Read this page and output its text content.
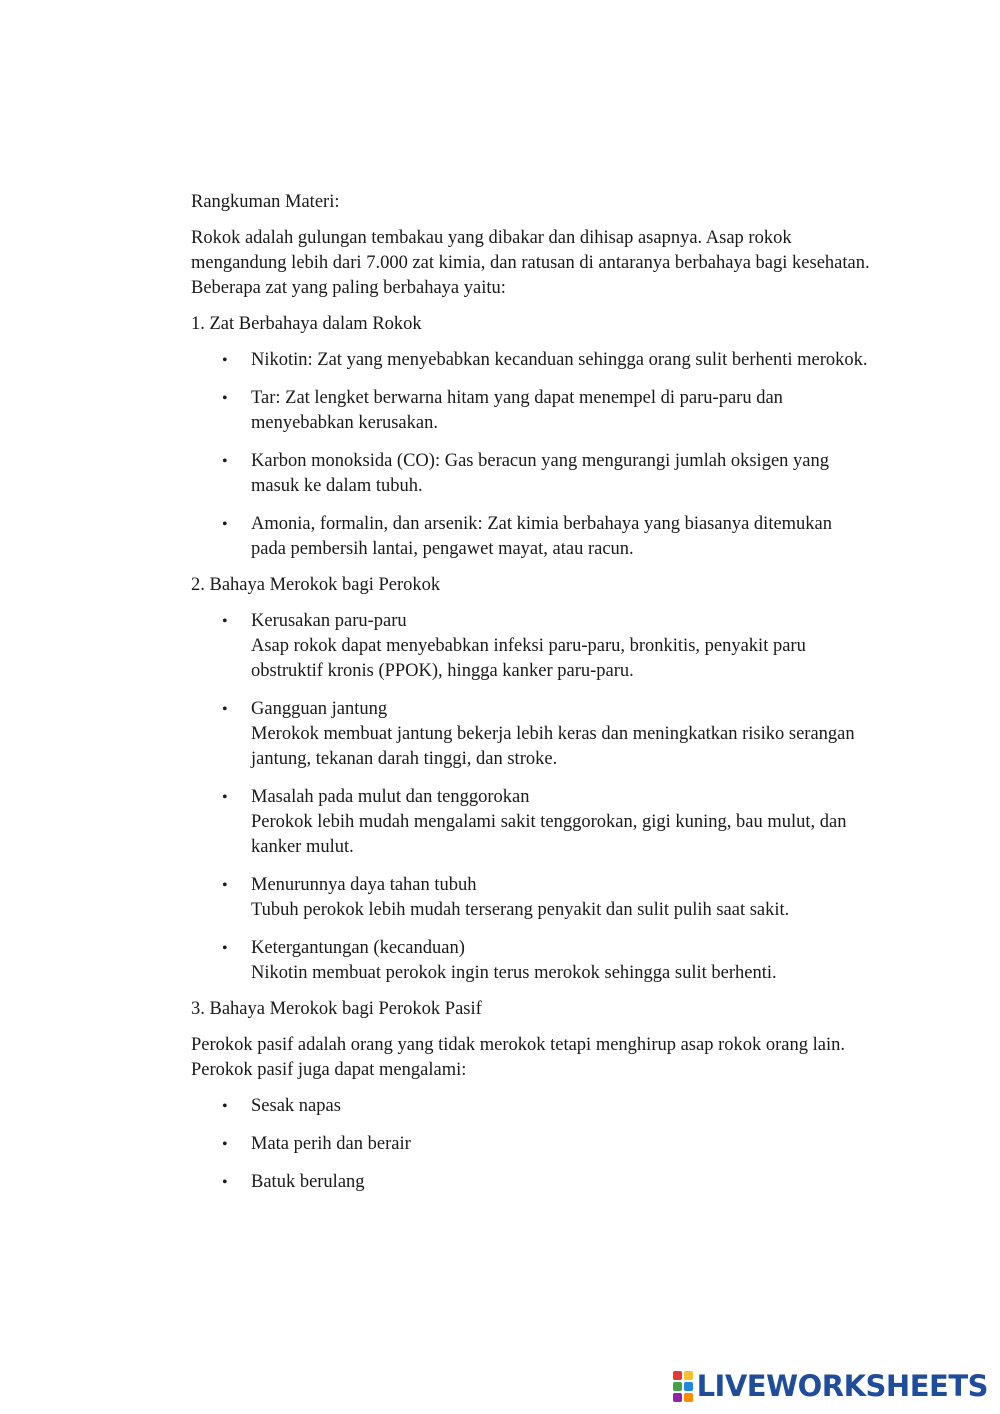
Rangkuman Materi:

Rokok adalah gulungan tembakau yang dibakar dan dihisap asapnya. Asap rokok mengandung lebih dari 7.000 zat kimia, dan ratusan di antaranya berbahaya bagi kesehatan. Beberapa zat yang paling berbahaya yaitu:

1. Zat Berbahaya dalam Rokok

• Nikotin: Zat yang menyebabkan kecanduan sehingga orang sulit berhenti merokok.
• Tar: Zat lengket berwarna hitam yang dapat menempel di paru-paru dan menyebabkan kerusakan.
• Karbon monoksida (CO): Gas beracun yang mengurangi jumlah oksigen yang masuk ke dalam tubuh.
• Amonia, formalin, dan arsenik: Zat kimia berbahaya yang biasanya ditemukan pada pembersih lantai, pengawet mayat, atau racun.

2. Bahaya Merokok bagi Perokok

• Kerusakan paru-paru
Asap rokok dapat menyebabkan infeksi paru-paru, bronkitis, penyakit paru obstruktif kronis (PPOK), hingga kanker paru-paru.
• Gangguan jantung
Merokok membuat jantung bekerja lebih keras dan meningkatkan risiko serangan jantung, tekanan darah tinggi, dan stroke.
• Masalah pada mulut dan tenggorokan
Perokok lebih mudah mengalami sakit tenggorokan, gigi kuning, bau mulut, dan kanker mulut.
• Menurunnya daya tahan tubuh
Tubuh perokok lebih mudah terserang penyakit dan sulit pulih saat sakit.
• Ketergantungan (kecanduan)
Nikotin membuat perokok ingin terus merokok sehingga sulit berhenti.

3. Bahaya Merokok bagi Perokok Pasif

Perokok pasif adalah orang yang tidak merokok tetapi menghirup asap rokok orang lain. Perokok pasif juga dapat mengalami:

• Sesak napas
• Mata perih dan berair
• Batuk berulang
LIVEWORKSHEETS
